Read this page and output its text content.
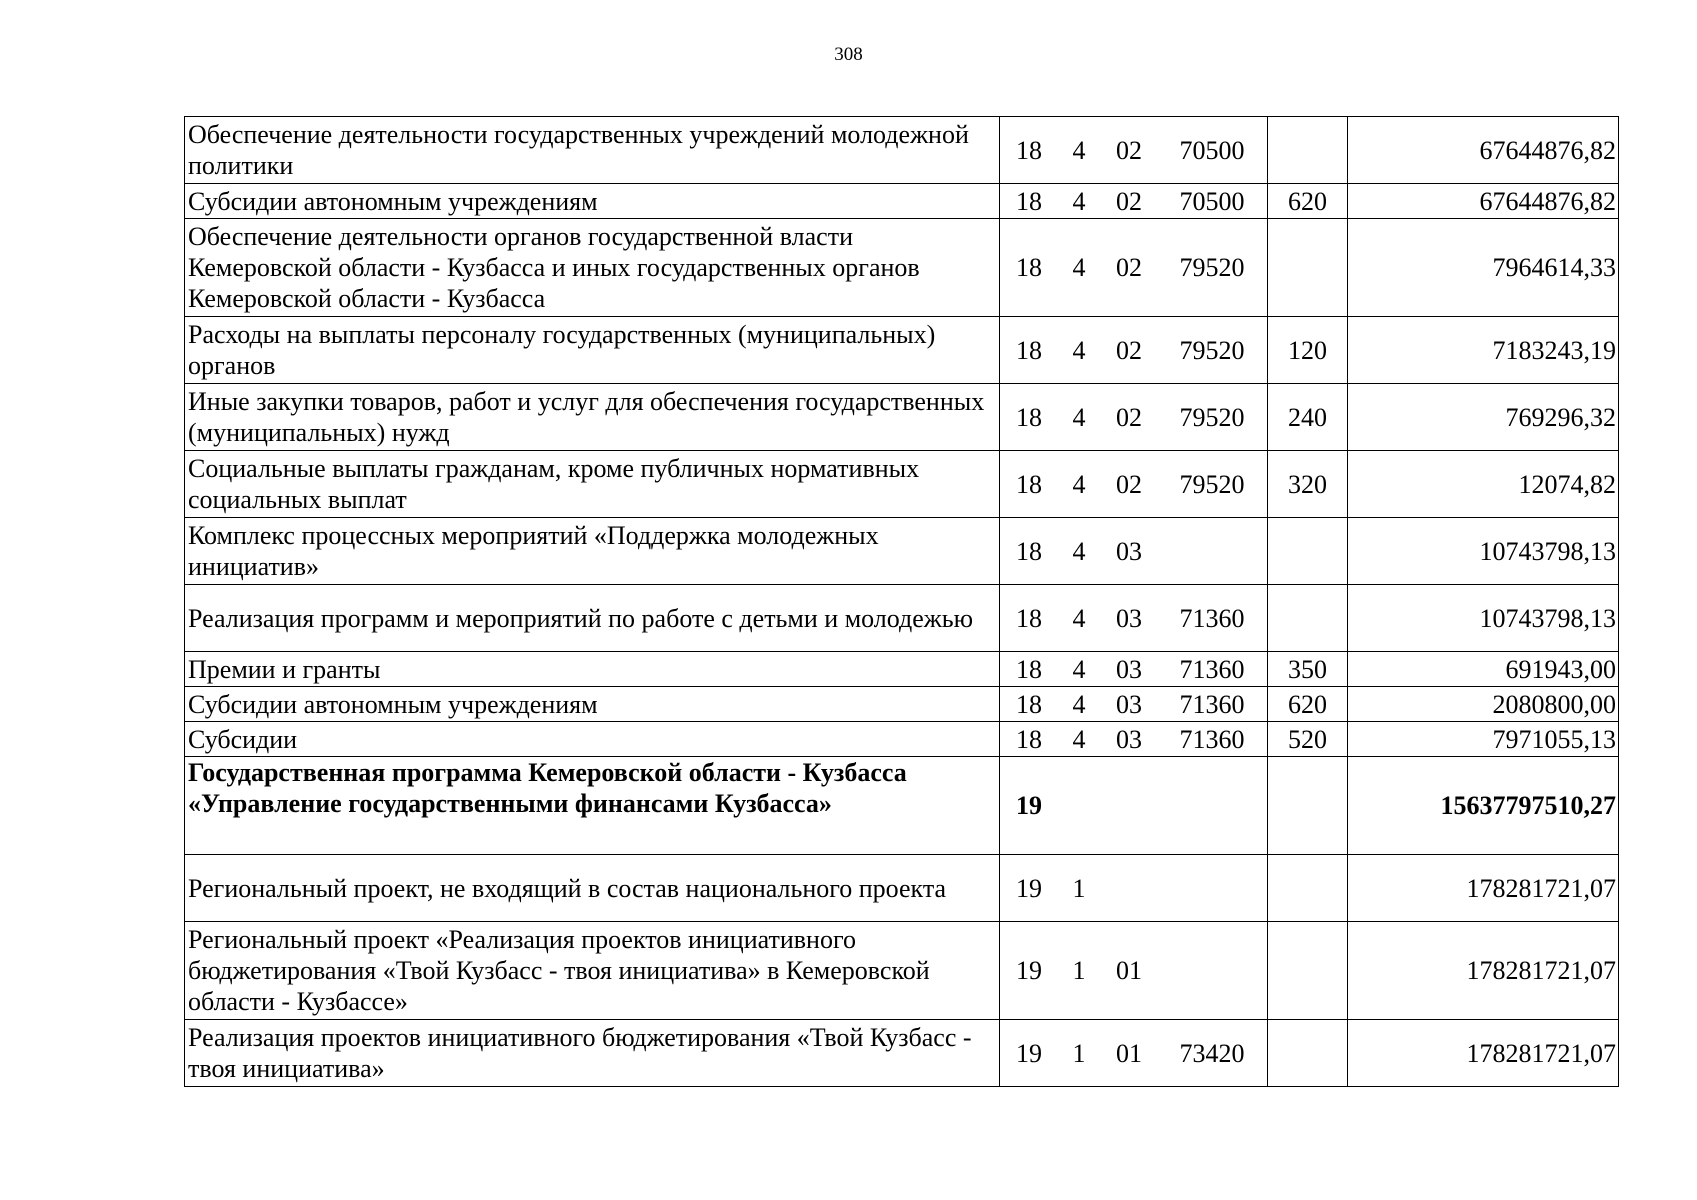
308
Обеспечение деятельности государственных учреждений молодежной политики	18 4 02 70500		67644876,82
Субсидии автономным учреждениям	18 4 02 70500	620	67644876,82
Обеспечение деятельности органов государственной власти Кемеровской области - Кузбасса и иных государственных органов Кемеровской области - Кузбасса	18 4 02 79520		7964614,33
Расходы на выплаты персоналу государственных (муниципальных) органов	18 4 02 79520	120	7183243,19
Иные закупки товаров, работ и услуг для обеспечения государственных (муниципальных) нужд	18 4 02 79520	240	769296,32
Социальные выплаты гражданам, кроме публичных нормативных социальных выплат	18 4 02 79520	320	12074,82
Комплекс процессных мероприятий «Поддержка молодежных инициатив»	18 4 03		10743798,13
Реализация программ и мероприятий по работе с детьми и молодежью	18 4 03 71360		10743798,13
Премии и гранты	18 4 03 71360	350	691943,00
Субсидии автономным учреждениям	18 4 03 71360	620	2080800,00
Субсидии	18 4 03 71360	520	7971055,13
Государственная программа Кемеровской области - Кузбасса «Управление государственными финансами Кузбасса»	19		15637797510,27
Региональный проект, не входящий в состав национального проекта	19 1		178281721,07
Региональный проект «Реализация проектов инициативного бюджетирования «Твой Кузбасс - твоя инициатива» в Кемеровской области - Кузбассе»	19 1 01		178281721,07
Реализация проектов инициативного бюджетирования «Твой Кузбасс - твоя инициатива»	19 1 01 73420		178281721,07
